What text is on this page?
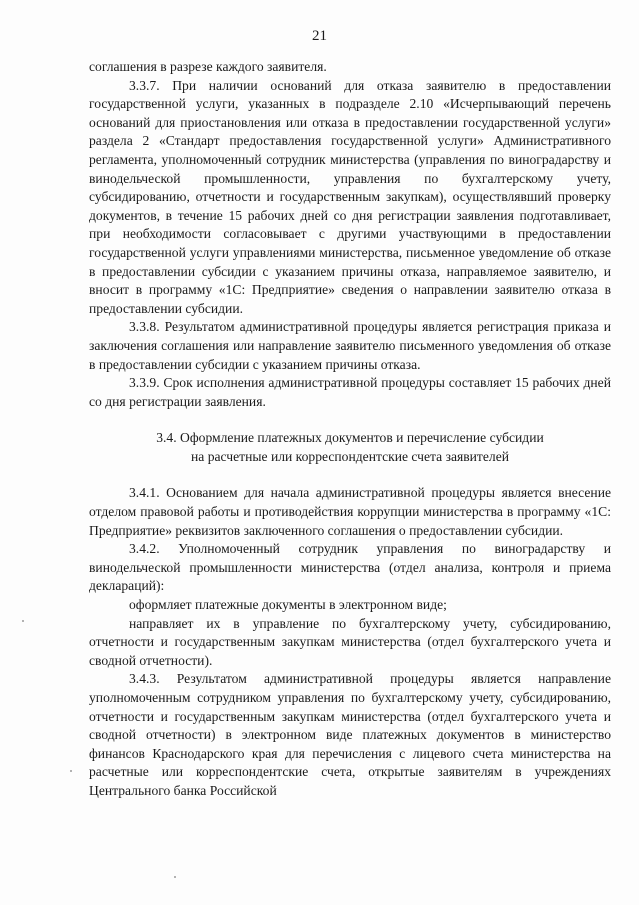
21

соглашения в разрезе каждого заявителя.

3.3.7. При наличии оснований для отказа заявителю в предоставлении государственной услуги, указанных в подразделе 2.10 «Исчерпывающий перечень оснований для приостановления или отказа в предоставлении государственной услуги» раздела 2 «Стандарт предоставления государственной услуги» Административного регламента, уполномоченный сотрудник министерства (управления по виноградарству и винодельческой промышленности, управления по бухгалтерскому учету, субсидированию, отчетности и государственным закупкам), осуществлявший проверку документов, в течение 15 рабочих дней со дня регистрации заявления подготавливает, при необходимости согласовывает с другими участвующими в предоставлении государственной услуги управлениями министерства, письменное уведомление об отказе в предоставлении субсидии с указанием причины отказа, направляемое заявителю, и вносит в программу «1С: Предприятие» сведения о направлении заявителю отказа в предоставлении субсидии.

3.3.8. Результатом административной процедуры является регистрация приказа и заключения соглашения или направление заявителю письменного уведомления об отказе в предоставлении субсидии с указанием причины отказа.

3.3.9. Срок исполнения административной процедуры составляет 15 рабочих дней со дня регистрации заявления.

3.4. Оформление платежных документов и перечисление субсидии на расчетные или корреспондентские счета заявителей

3.4.1. Основанием для начала административной процедуры является внесение отделом правовой работы и противодействия коррупции министерства в программу «1С: Предприятие» реквизитов заключенного соглашения о предоставлении субсидии.

3.4.2. Уполномоченный сотрудник управления по виноградарству и винодельческой промышленности министерства (отдел анализа, контроля и приема деклараций):

оформляет платежные документы в электронном виде;

направляет их в управление по бухгалтерскому учету, субсидированию, отчетности и государственным закупкам министерства (отдел бухгалтерского учета и сводной отчетности).

3.4.3. Результатом административной процедуры является направление уполномоченным сотрудником управления по бухгалтерскому учету, субсидированию, отчетности и государственным закупкам министерства (отдел бухгалтерского учета и сводной отчетности) в электронном виде платежных документов в министерство финансов Краснодарского края для перечисления с лицевого счета министерства на расчетные или корреспондентские счета, открытые заявителям в учреждениях Центрального банка Российской
